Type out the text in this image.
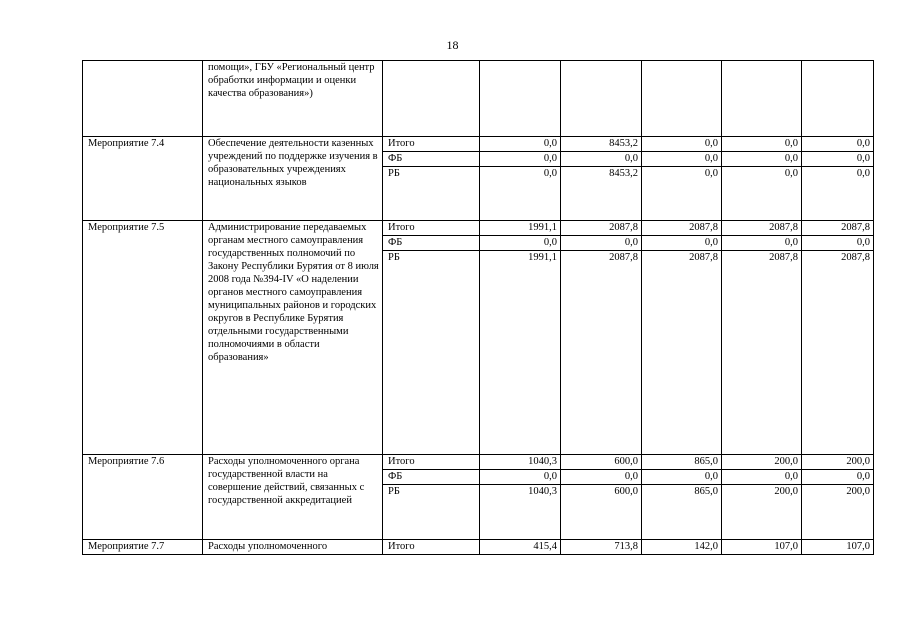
18
	помощи», ГБУ «Региональный центр обработки информации и оценки качества образования»)						
Мероприятие 7.4	Обеспечение деятельности казенных учреждений по поддержке изучения в образовательных учреждениях национальных языков	Итого	0,0	8453,2	0,0	0,0	0,0
		ФБ	0,0	0,0	0,0	0,0	0,0
		РБ	0,0	8453,2	0,0	0,0	0,0
Мероприятие 7.5	Администрирование передаваемых органам местного самоуправления государственных полномочий по Закону Республики Бурятия от 8 июля 2008 года №394-IV «О наделении органов местного самоуправления муниципальных районов и городских округов в Республике Бурятия отдельными государственными полномочиями в области образования»	Итого	1991,1	2087,8	2087,8	2087,8	2087,8
		ФБ	0,0	0,0	0,0	0,0	0,0
		РБ	1991,1	2087,8	2087,8	2087,8	2087,8
Мероприятие 7.6	Расходы уполномоченного органа государственной власти на совершение действий, связанных с государственной аккредитацией	Итого	1040,3	600,0	865,0	200,0	200,0
		ФБ	0,0	0,0	0,0	0,0	0,0
		РБ	1040,3	600,0	865,0	200,0	200,0
Мероприятие 7.7	Расходы уполномоченного	Итого	415,4	713,8	142,0	107,0	107,0
